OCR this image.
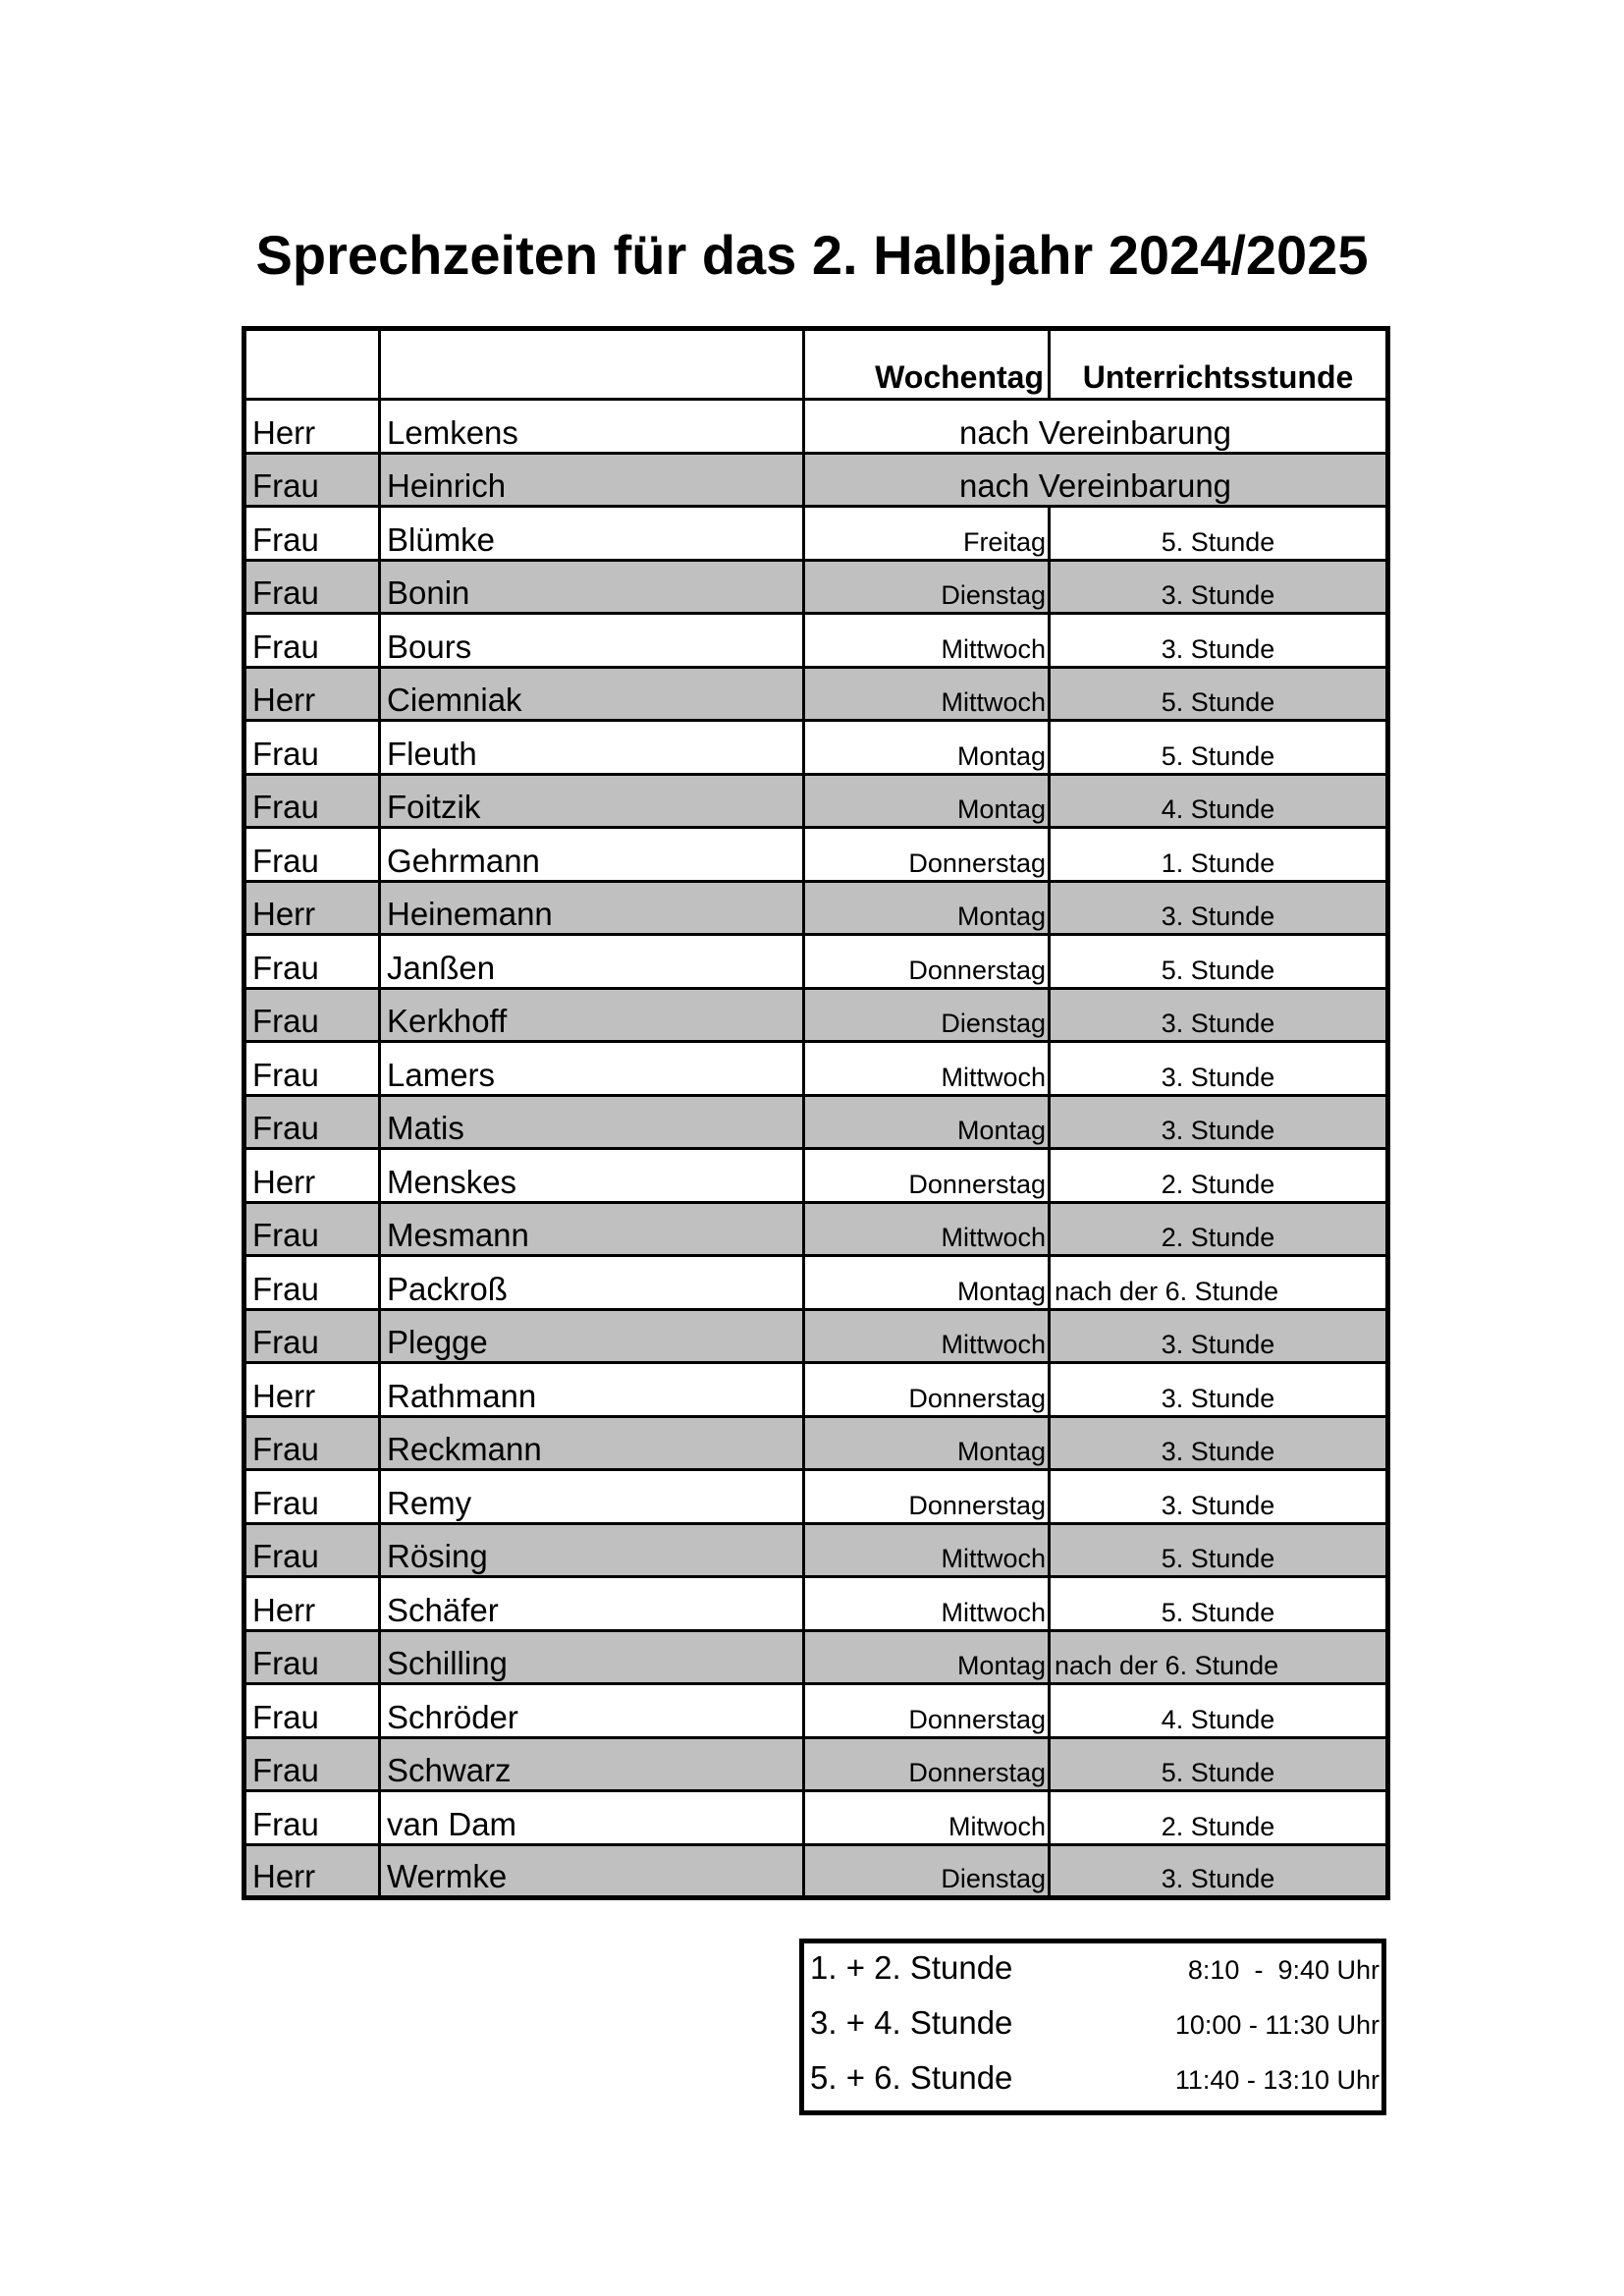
Sprechzeiten für das 2. Halbjahr 2024/2025
		Wochentag	Unterrichtsstunde
Herr	Lemkens	nach Vereinbarung	
Frau	Heinrich	nach Vereinbarung	
Frau	Blümke	Freitag	5. Stunde
Frau	Bonin	Dienstag	3. Stunde
Frau	Bours	Mittwoch	3. Stunde
Herr	Ciemniak	Mittwoch	5. Stunde
Frau	Fleuth	Montag	5. Stunde
Frau	Foitzik	Montag	4. Stunde
Frau	Gehrmann	Donnerstag	1. Stunde
Herr	Heinemann	Montag	3. Stunde
Frau	Janßen	Donnerstag	5. Stunde
Frau	Kerkhoff	Dienstag	3. Stunde
Frau	Lamers	Mittwoch	3. Stunde
Frau	Matis	Montag	3. Stunde
Herr	Menskes	Donnerstag	2. Stunde
Frau	Mesmann	Mittwoch	2. Stunde
Frau	Packroß	Montag	nach der 6. Stunde
Frau	Plegge	Mittwoch	3. Stunde
Herr	Rathmann	Donnerstag	3. Stunde
Frau	Reckmann	Montag	3. Stunde
Frau	Remy	Donnerstag	3. Stunde
Frau	Rösing	Mittwoch	5. Stunde
Herr	Schäfer	Mittwoch	5. Stunde
Frau	Schilling	Montag	nach der 6. Stunde
Frau	Schröder	Donnerstag	4. Stunde
Frau	Schwarz	Donnerstag	5. Stunde
Frau	van Dam	Mitwoch	2. Stunde
Herr	Wermke	Dienstag	3. Stunde
1. + 2. Stunde	8:10  -  9:40 Uhr
3. + 4. Stunde	10:00 - 11:30 Uhr
5. + 6. Stunde	11:40 - 13:10 Uhr
